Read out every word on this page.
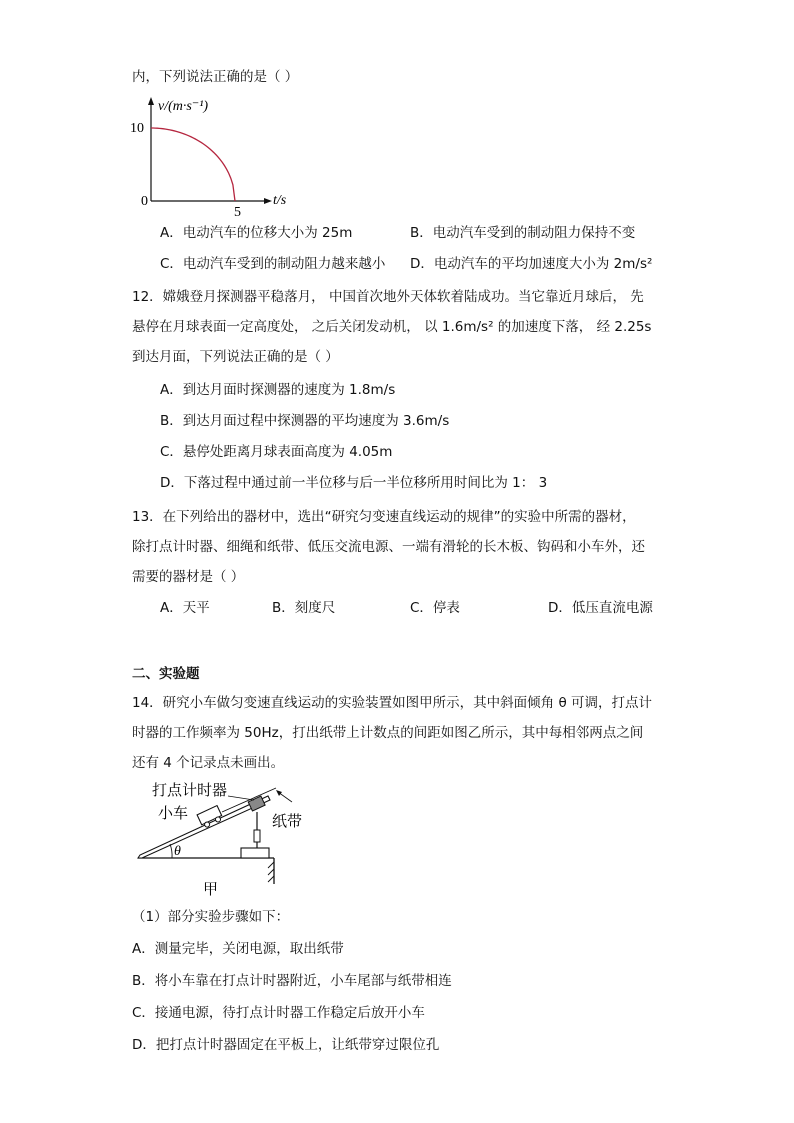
内，下列说法正确的是（ ）
v/(m·s⁻¹)
10
0
5
t/s
A．电动汽车的位移大小为 25m	B．电动汽车受到的制动阻力保持不变
C．电动汽车受到的制动阻力越来越小 D．电动汽车的平均加速度大小为 2m/s²
12．嫦娥登月探测器平稳落月， 中国首次地外天体软着陆成功。当它靠近月球后， 先
悬停在月球表面一定高度处， 之后关闭发动机， 以 1.6m/s² 的加速度下落， 经 2.25s
到达月面，下列说法正确的是（ ）
A．到达月面时探测器的速度为 1.8m/s
B．到达月面过程中探测器的平均速度为 3.6m/s
C．悬停处距离月球表面高度为 4.05m
D．下落过程中通过前一半位移与后一半位移所用时间比为 1： 3
13．在下列给出的器材中，选出“研究匀变速直线运动的规律”的实验中所需的器材，
除打点计时器、细绳和纸带、低压交流电源、一端有滑轮的长木板、钩码和小车外，还
需要的器材是（ ）
A．天平	B．刻度尺	C．停表	D．低压直流电源
二、实验题
14．研究小车做匀变速直线运动的实验装置如图甲所示，其中斜面倾角 θ 可调，打点计
时器的工作频率为 50Hz，打出纸带上计数点的间距如图乙所示，其中每相邻两点之间
还有 4 个记录点未画出。
θ
打点计时器
小车	纸带
甲
（1）部分实验步骤如下：
A．测量完毕，关闭电源，取出纸带
B．将小车靠在打点计时器附近，小车尾部与纸带相连
C．接通电源，待打点计时器工作稳定后放开小车
D．把打点计时器固定在平板上，让纸带穿过限位孔
